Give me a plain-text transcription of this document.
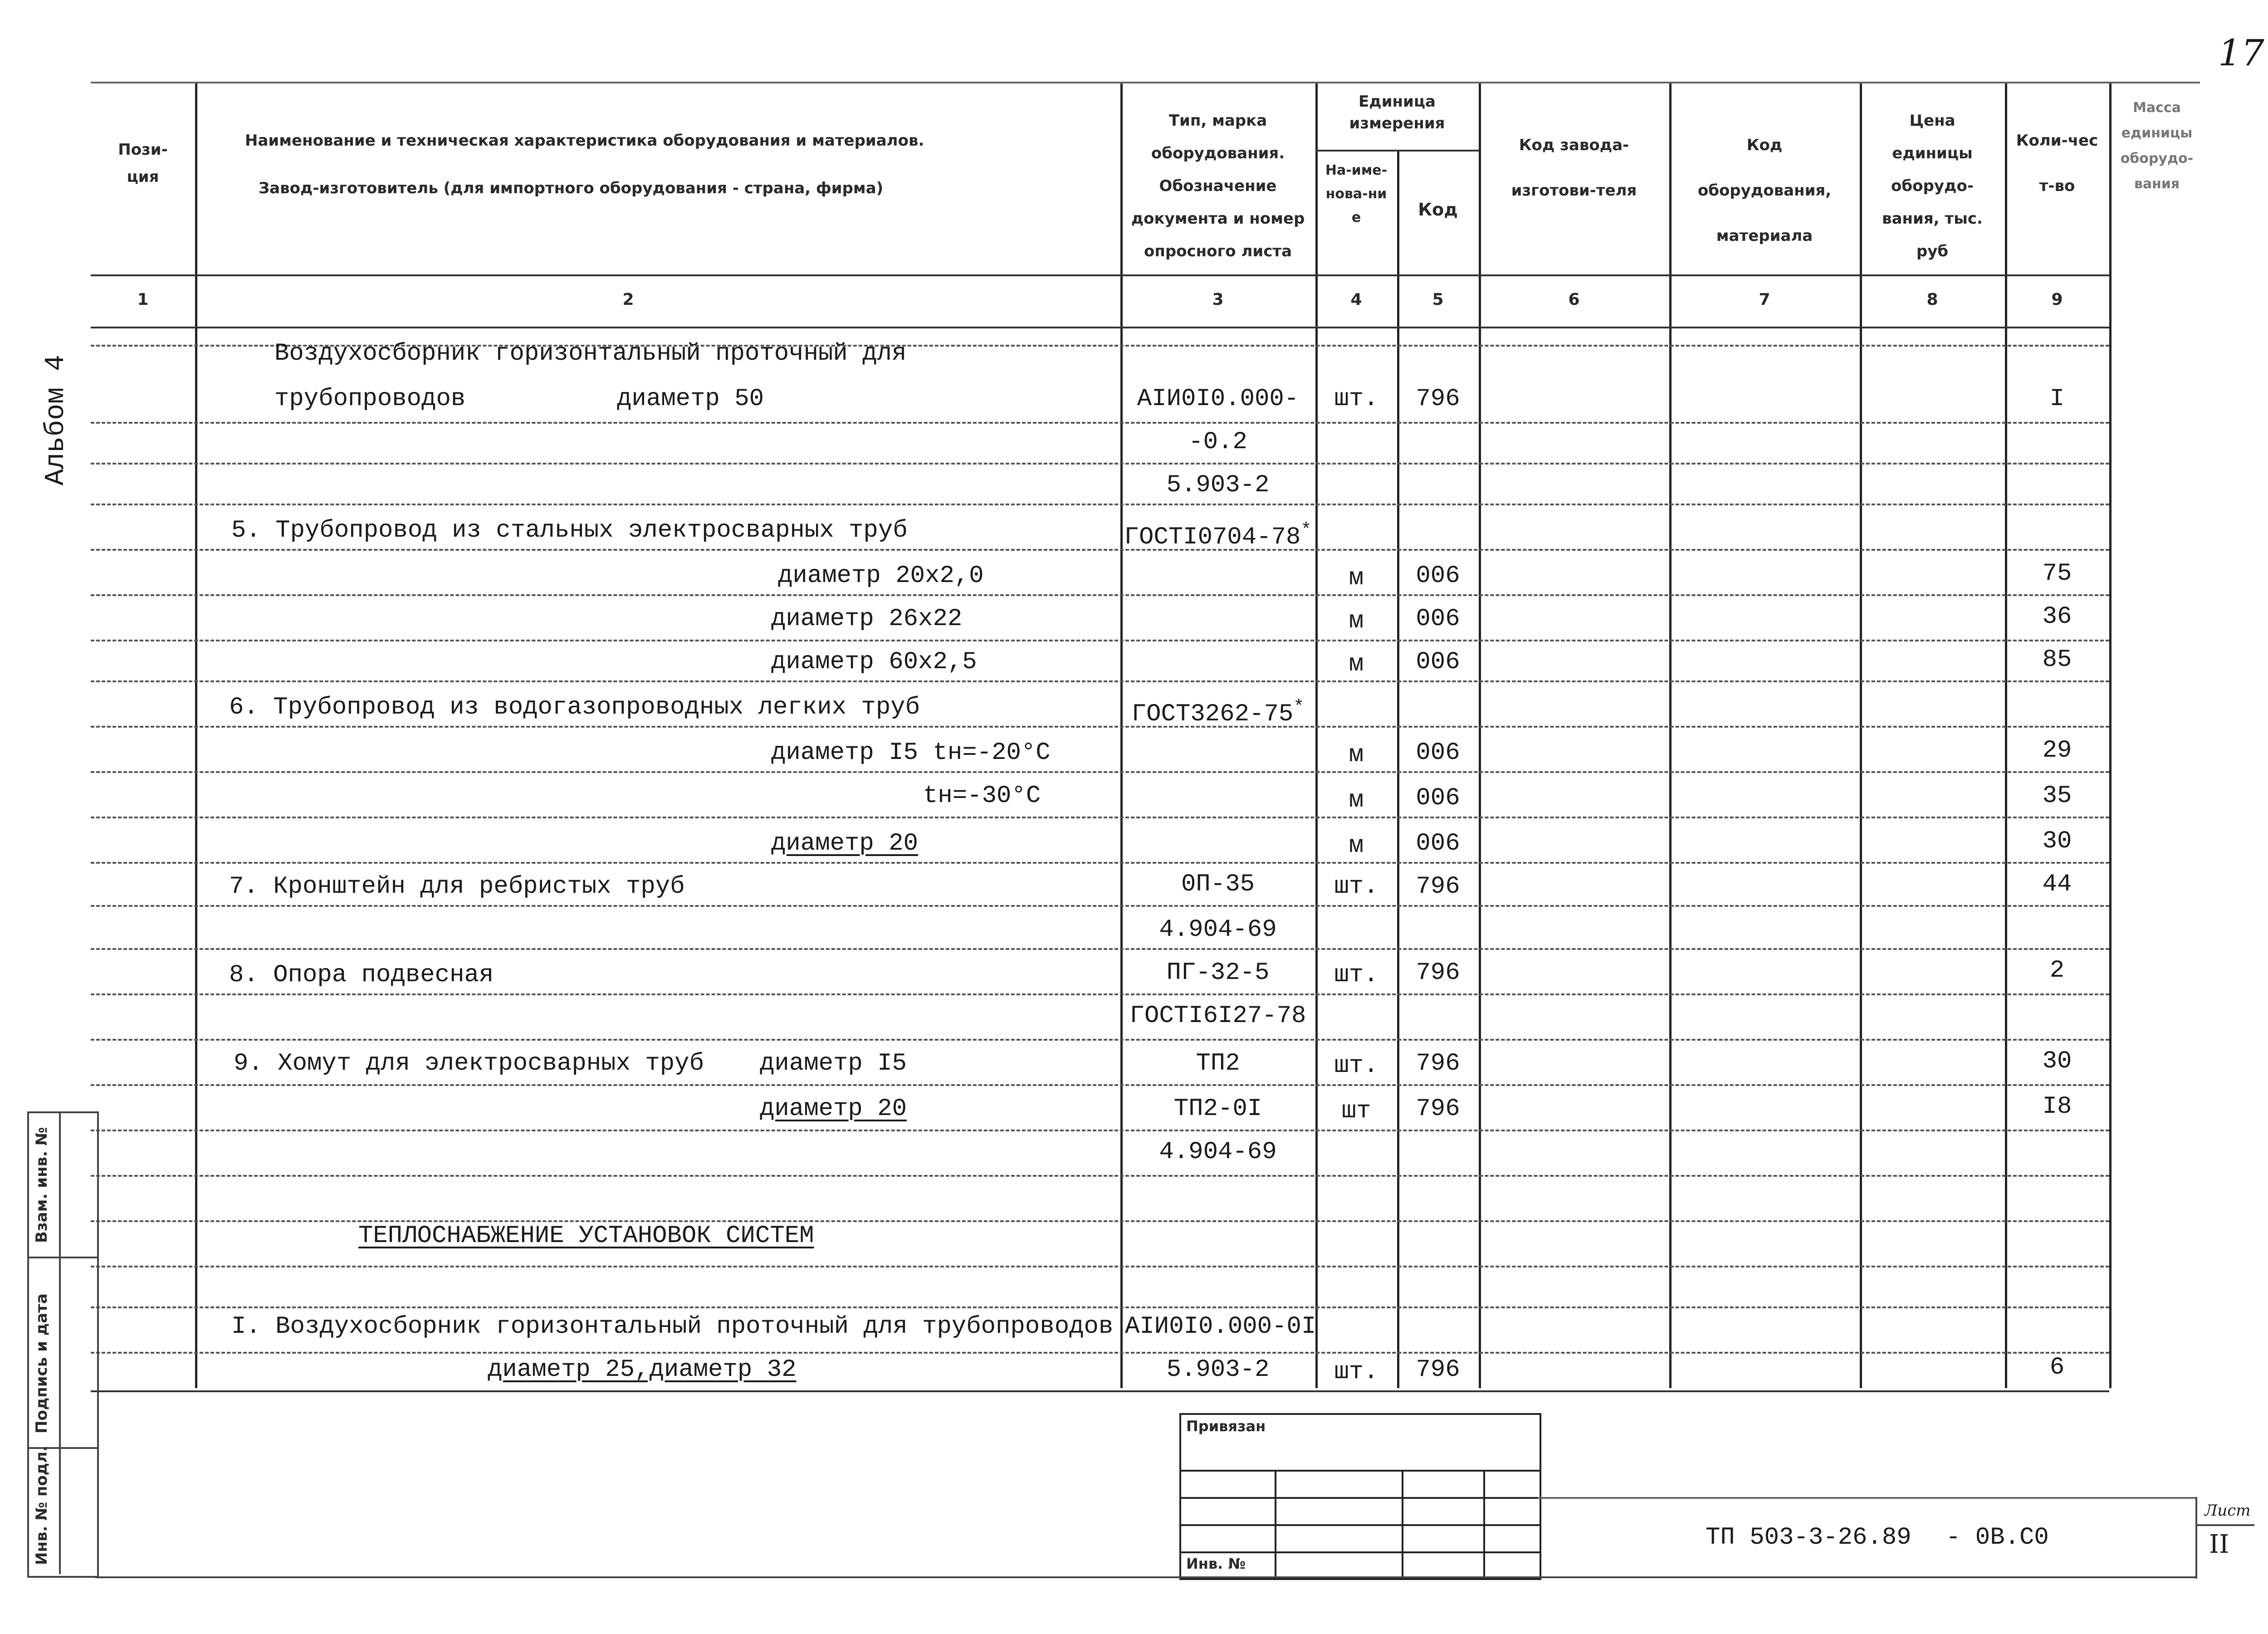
17
Альбом 4
Пози-ция
Наименование и техническая характеристика оборудования и материалов.
Завод-изготовитель (для импортного оборудования - страна, фирма)
Тип, марка оборудования. Обозначение документа и номер опросного листа
Единица измерения
На-име-нова-ние	Код
Код завода-изготови-теля
Код оборудования, материала
Цена единицы оборудо-вания, тыс. руб
Коли-чест-во
Масса единицы оборудо-вания
1	2	3	4	5	6	7	8	9
Воздухосборник горизонтальный проточный для
трубопроводов	диаметр 50	АIИ0I0.000-	шт.	796	I
-0.2
5.903-2
5. Трубопровод из стальных электросварных труб	ГОСТI0704-78*
диаметр 20х2,0	м	006	75
диаметр 26х22	м	006	36
диаметр 60х2,5	м	006	85
6. Трубопровод из водогазопроводных легких труб	ГОСТ3262-75*
диаметр I5 tн=-20°С	м	006	29
tн=-30°С	м	006	35
диаметр 20	м	006	30
7. Кронштейн для ребристых труб	0П-35	шт.	796	44
4.904-69
8. Опора подвесная	ПГ-32-5	шт.	796	2
ГОСТI6I27-78
9. Хомут для электросварных труб диаметр I5	ТП2	шт.	796	30
диаметр 20	ТП2-0I	шт	796	I8
4.904-69
ТЕПЛОСНАБЖЕНИЕ УСТАНОВОК СИСТЕМ
I. Воздухосборник горизонтальный проточный для трубопроводов АIИ0I0.000-0I
диаметр 25,диаметр 32	5.903-2	шт.	796	6
Взам. инв. №
Подпись и дата
Инв. № подл.
Привязан
Инв. №
ТП 503-3-26.89 - 0В.С0
Лист
II
